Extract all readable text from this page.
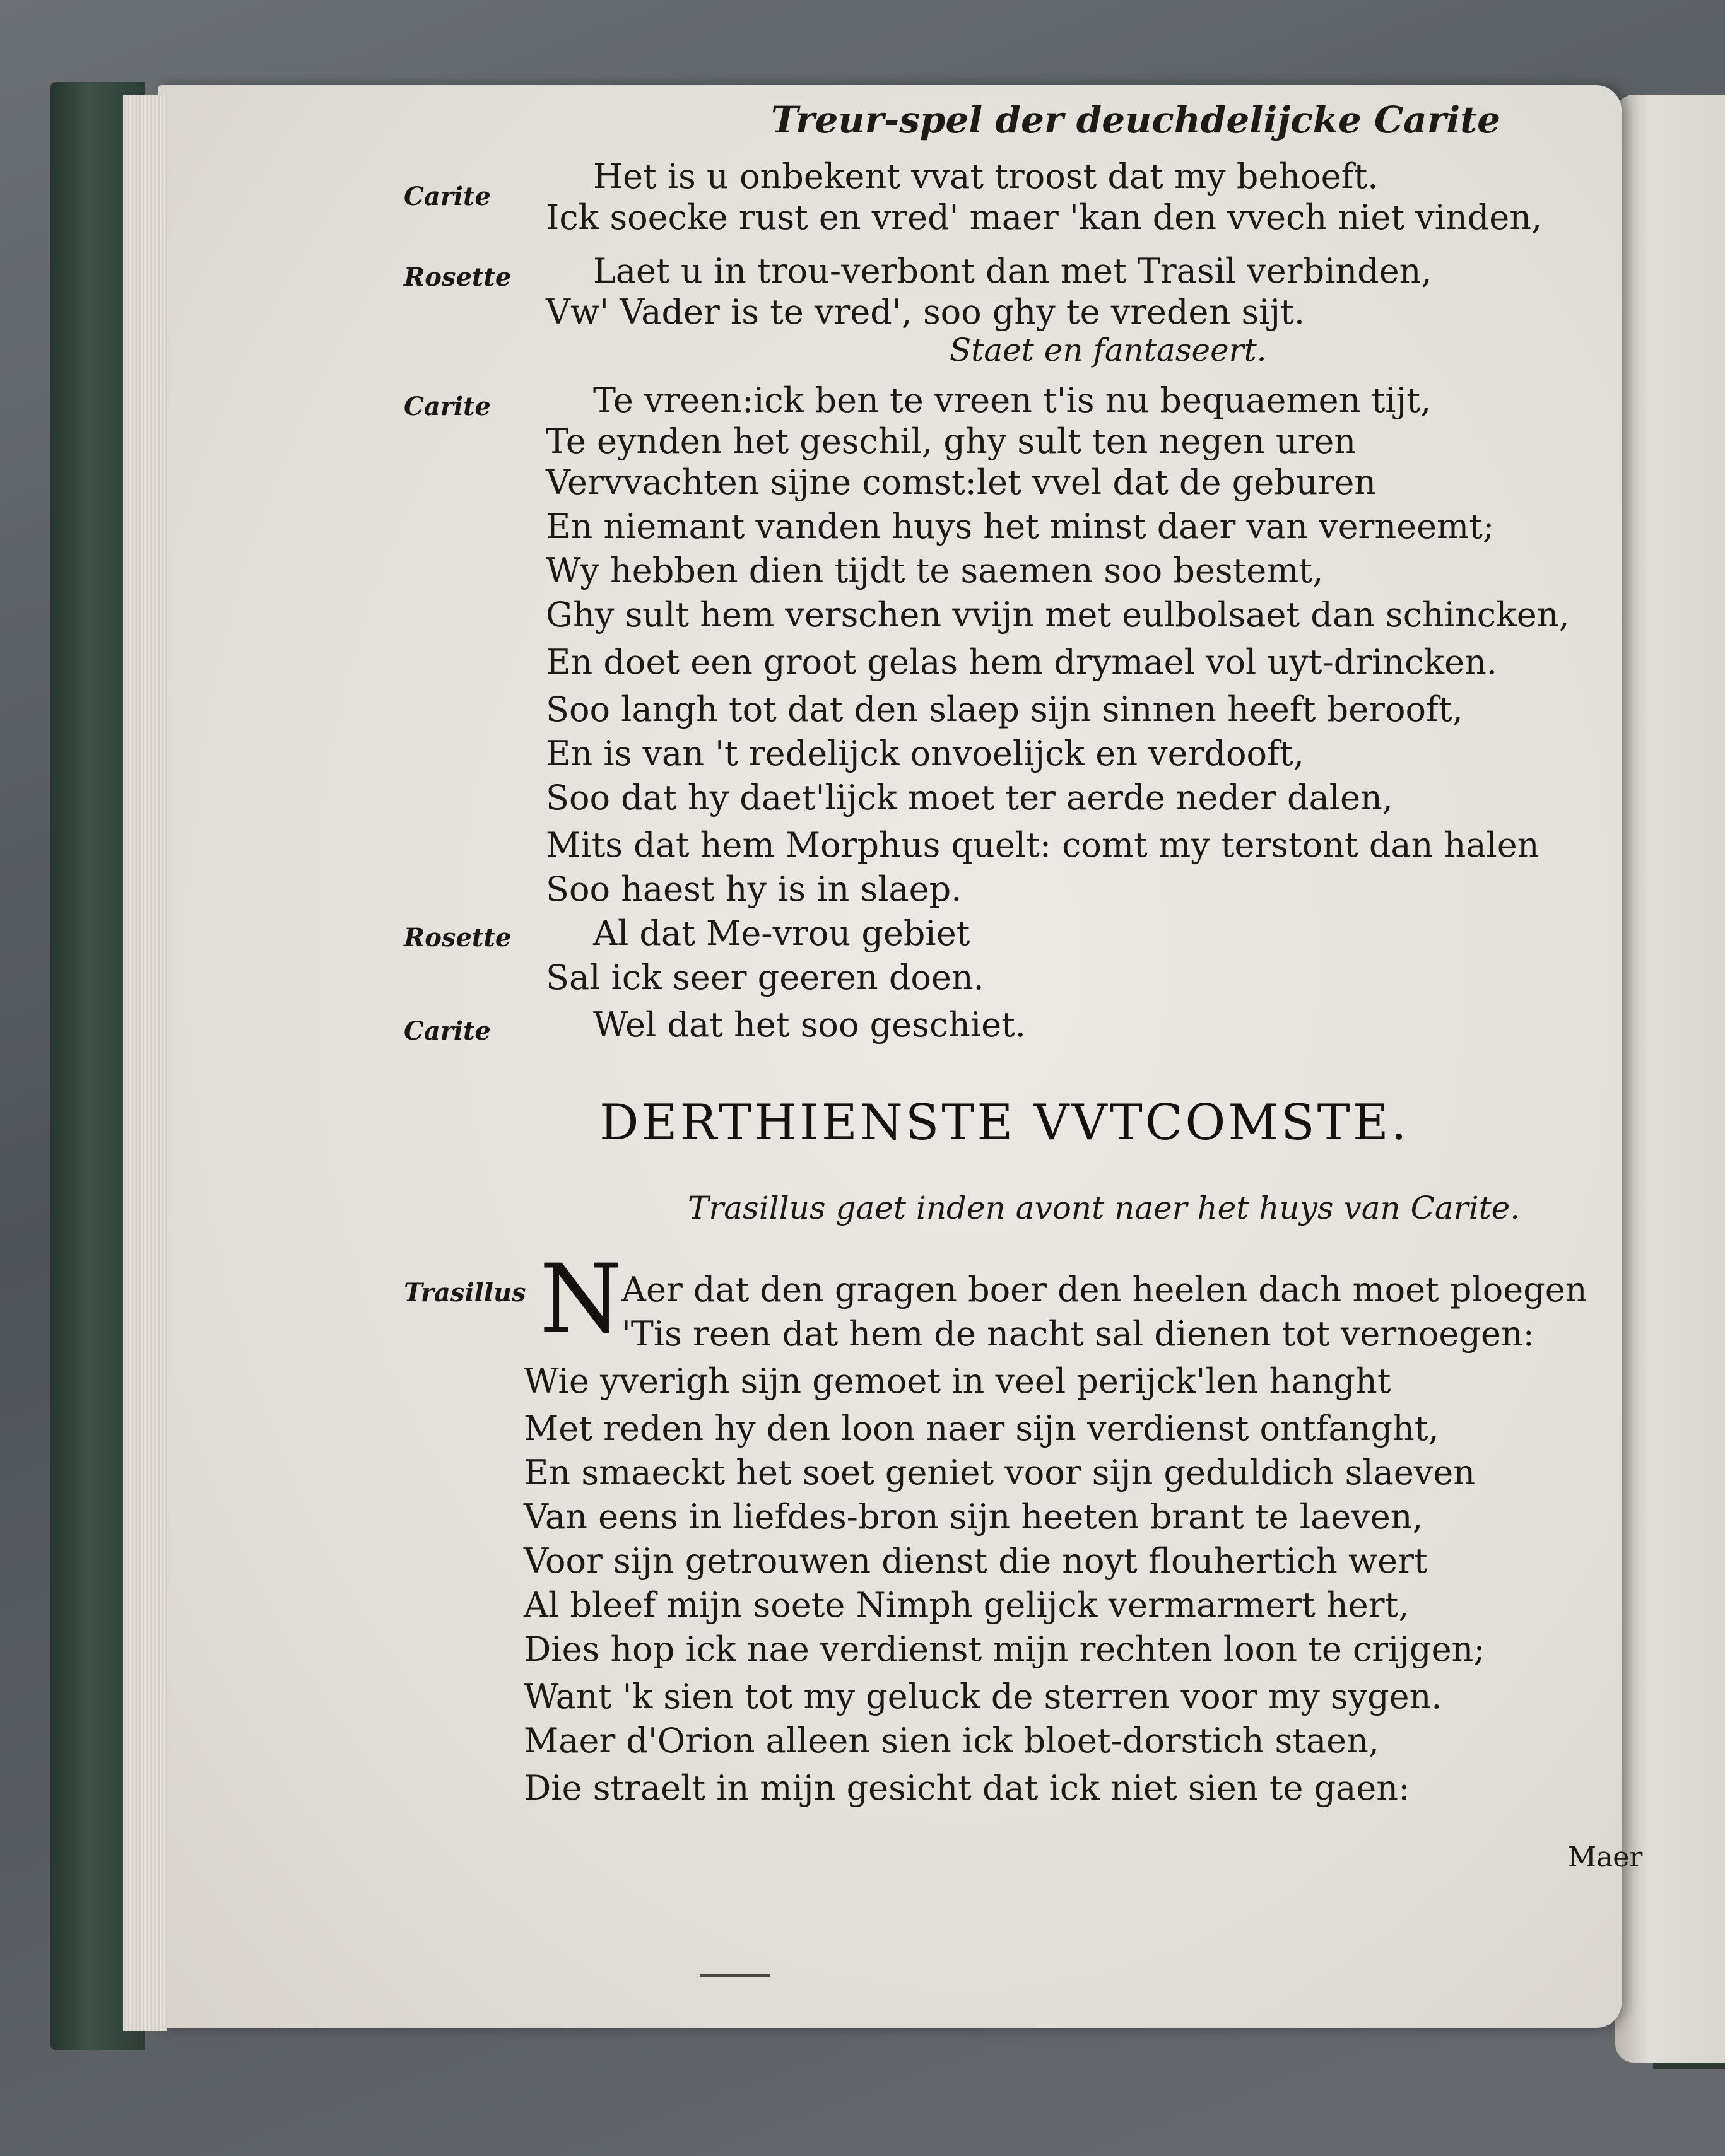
Treur-spel der deuchdelijcke Carite
Carite
Rosette
Carite
Rosette
Carite
Trasillus
Het is u onbekent vvat troost dat my behoeft.
Ick soecke rust en vred' maer 'kan den vvech niet vinden,
Laet u in trou-verbont dan met Trasil verbinden,
Vw' Vader is te vred', soo ghy te vreden sijt.
Staet en fantaseert.
Te vreen:ick ben te vreen t'is nu bequaemen tijt,
Te eynden het geschil, ghy sult ten negen uren
Vervvachten sijne comst:let vvel dat de geburen
En niemant vanden huys het minst daer van verneemt;
Wy hebben dien tijdt te saemen soo bestemt,
Ghy sult hem verschen vvijn met eulbolsaet dan schincken,
En doet een groot gelas hem drymael vol uyt-drincken.
Soo langh tot dat den slaep sijn sinnen heeft berooft,
En is van 't redelijck onvoelijck en verdooft,
Soo dat hy daet'lijck moet ter aerde neder dalen,
Mits dat hem Morphus quelt: comt my terstont dan halen
Soo haest hy is in slaep.
Al dat Me-vrou gebiet
Sal ick seer geeren doen.
Wel dat het soo geschiet.
DERTHIENSTE VVTCOMSTE.
Trasillus gaet inden avont naer het huys van Carite.
N
Aer dat den gragen boer den heelen dach moet ploegen
'Tis reen dat hem de nacht sal dienen tot vernoegen:
Wie yverigh sijn gemoet in veel perijck'len hanght
Met reden hy den loon naer sijn verdienst ontfanght,
En smaeckt het soet geniet voor sijn geduldich slaeven
Van eens in liefdes-bron sijn heeten brant te laeven,
Voor sijn getrouwen dienst die noyt flouhertich wert
Al bleef mijn soete Nimph gelijck vermarmert hert,
Dies hop ick nae verdienst mijn rechten loon te crijgen;
Want 'k sien tot my geluck de sterren voor my sygen.
Maer d'Orion alleen sien ick bloet-dorstich staen,
Die straelt in mijn gesicht dat ick niet sien te gaen:
Maer
